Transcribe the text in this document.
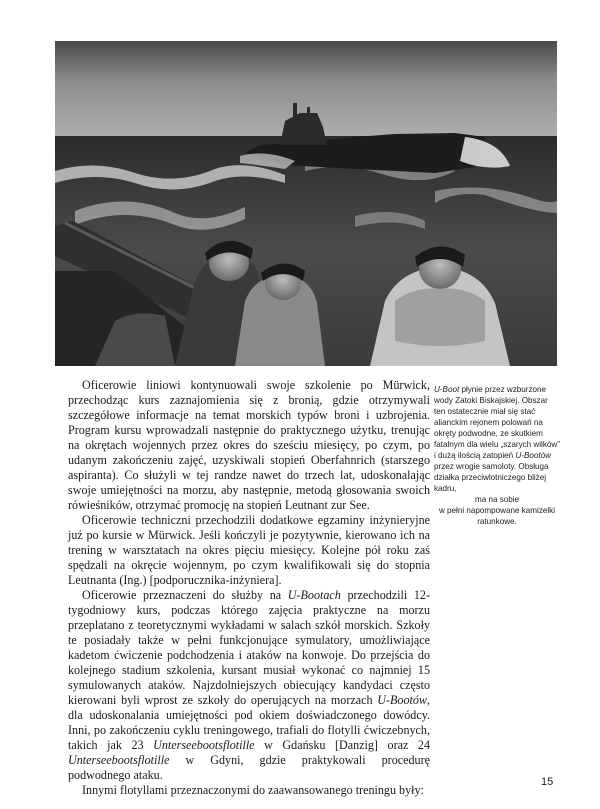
Oficerowie liniowi kontynuowali swoje szkolenie po Mürwick, przechodząc kurs zaznajomienia się z bronią, gdzie otrzymywali szczegółowe informacje na temat morskich typów broni i uzbrojenia. Program kursu wprowadzali następnie do praktycznego użytku, trenując na okrętach wojennych przez okres do sześciu miesięcy, po czym, po udanym zakończeniu zajęć, uzyskiwali stopień Oberfahnrich (starszego aspiranta). Co służyli w tej randze nawet do trzech lat, udoskonalając swoje umiejętności na morzu, aby następnie, metodą głosowania swoich rówieśników, otrzymać promocję na stopień Leutnant zur See.

Oficerowie techniczni przechodzili dodatkowe egzaminy inżynieryjne już po kursie w Mürwick. Jeśli kończyli je pozytywnie, kierowano ich na trening w warsztatach na okres pięciu miesięcy. Kolejne pół roku zaś spędzali na okręcie wojennym, po czym kwalifikowali się do stopnia Leutnanta (Ing.) [podporucznika-inżyniera].

Oficerowie przeznaczeni do służby na U-Bootach przechodzili 12-tygodniowy kurs, podczas którego zajęcia praktyczne na morzu przeplatano z teoretycznymi wykładami w salach szkół morskich. Szkoły te posiadały także w pełni funkcjonujące symulatory, umożliwiające kadetom ćwiczenie podchodzenia i ataków na konwoje. Do przejścia do kolejnego stadium szkolenia, kursant musiał wykonać co najmniej 15 symulowanych ataków. Najzdolniejszych obiecujący kandydaci często kierowani byli wprost ze szkoły do operujących na morzach U-Bootów, dla udoskonalania umiejętności pod okiem doświadczonego dowódcy. Inni, po zakończeniu cyklu treningowego, trafiali do flotylli ćwiczebnych, takich jak 23 Unterseebootsflotille w Gdańsku [Danzig] oraz 24 Unterseebootsflotille w Gdyni, gdzie praktykowali procedurę podwodnego ataku.

Innymi flotyllami przeznaczonymi do zaawansowanego treningu były:

U-Boot płynie przez wzburzone wody Zatoki Biskajskiej. Obszar ten ostatecznie miał się stać alianckim rejonem polowań na okręty podwodne, ze skutkiem fatalnym dla wielu „szarych wilków” i dużą ilością zatopień U-Bootów przez wrogie samoloty. Obsługa działka przeciwlotniczego bliżej kadru,

ma na sobie

w pełni napompowane kamizelki ratunkowe.

15
